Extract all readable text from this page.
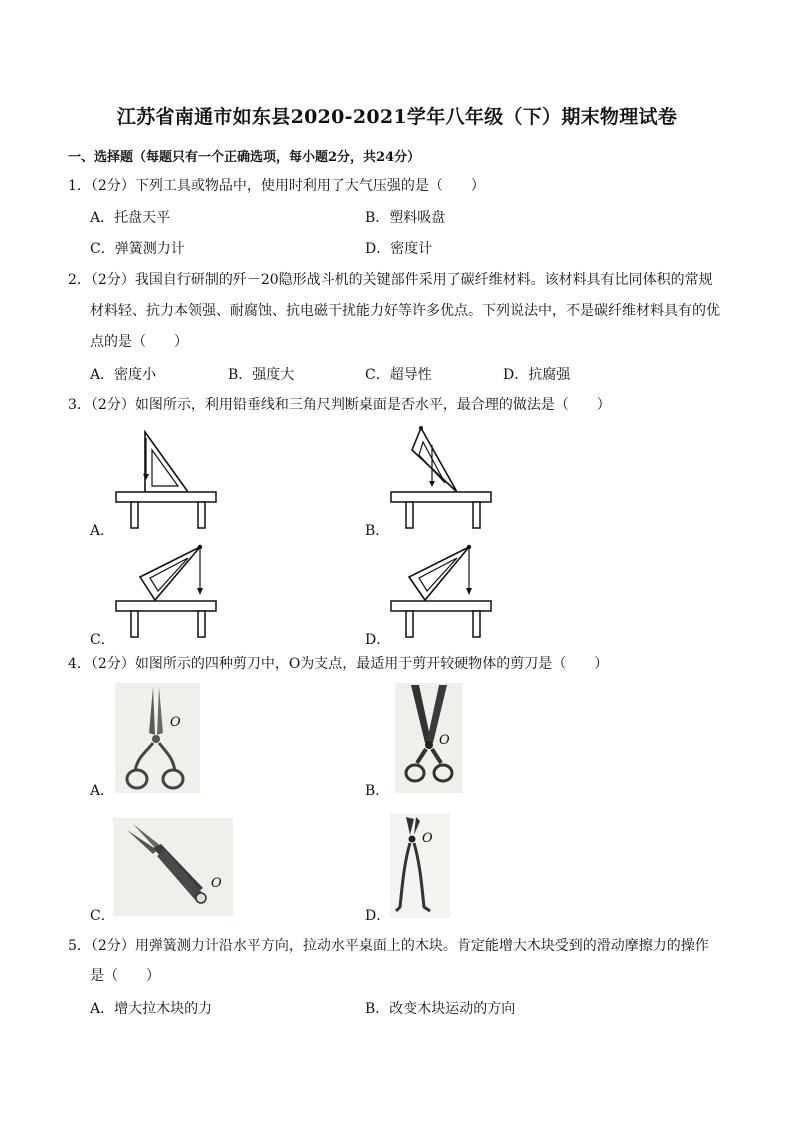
江苏省南通市如东县2020-2021学年八年级（下）期末物理试卷
一、选择题（每题只有一个正确选项，每小题2分，共24分）
1．（2分）下列工具或物品中，使用时利用了大气压强的是（　　）
A．托盘天平	B．塑料吸盘
C．弹簧测力计	D．密度计
2．（2分）我国自行研制的歼－20隐形战斗机的关键部件采用了碳纤维材料。该材料具有比同体积的常规
材料轻、抗力本领强、耐腐蚀、抗电磁干扰能力好等许多优点。下列说法中，不是碳纤维材料具有的优
点的是（　　）
A．密度小	B．强度大	C．超导性	D．抗腐强
3．（2分）如图所示，利用铅垂线和三角尺判断桌面是否水平，最合理的做法是（　　）
A．	B．
C．	D．
4．（2分）如图所示的四种剪刀中，O为支点，最适用于剪开较硬物体的剪刀是（　　）
O
A．
O
B．
O
C．
O
D．
5．（2分）用弹簧测力计沿水平方向，拉动水平桌面上的木块。肯定能增大木块受到的滑动摩擦力的操作
是（　　）
A．增大拉木块的力	B．改变木块运动的方向
